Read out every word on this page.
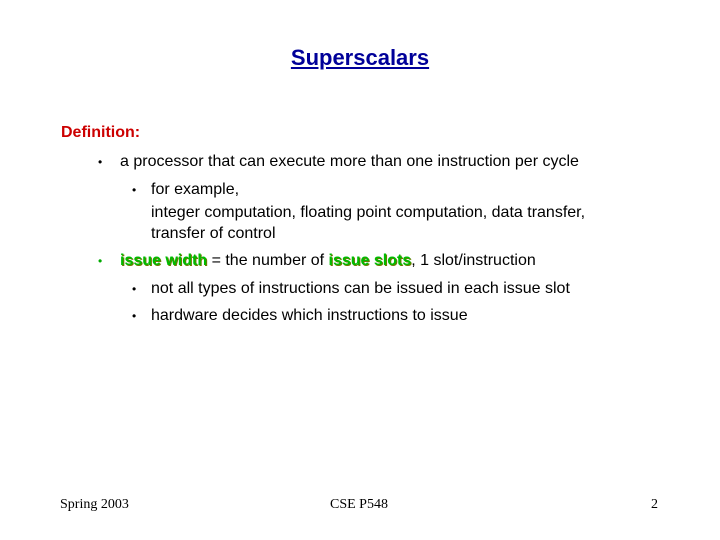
Superscalars
Definition:
• a processor that can execute more than one instruction per cycle
• for example,
integer computation, floating point computation, data transfer,
transfer of control
• issue width = the number of issue slots, 1 slot/instruction
• not all types of instructions can be issued in each issue slot
• hardware decides which instructions to issue
Spring 2003	CSE P548	2
